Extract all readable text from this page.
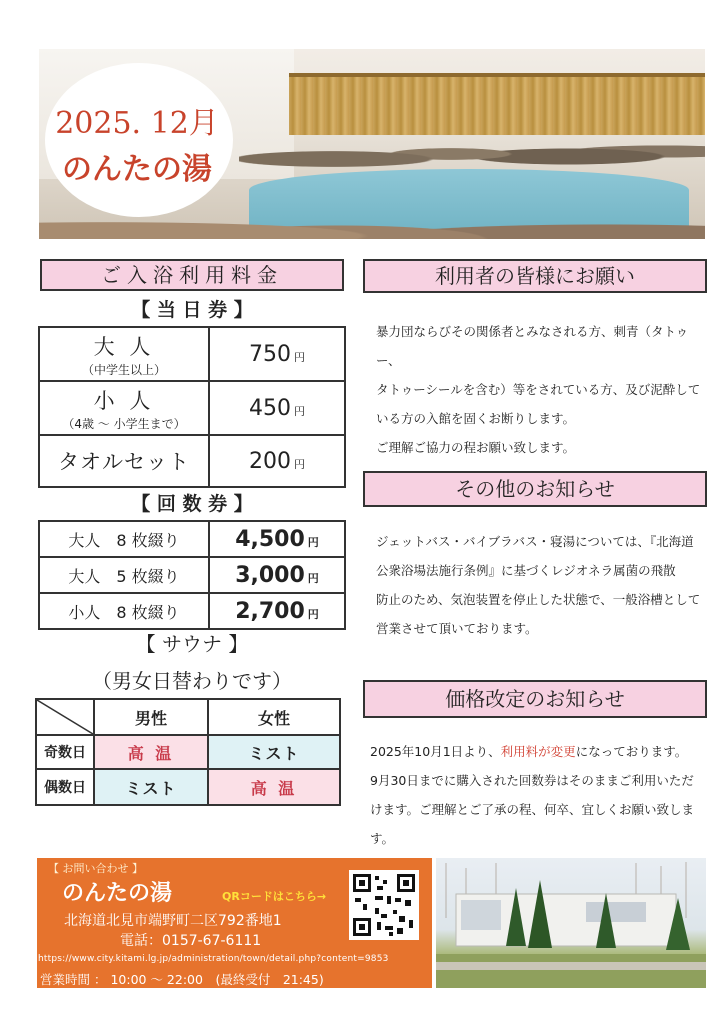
2025. 12月
のんたの湯
ご入浴利用料金
【 当 日 券 】
大 人
（中学生以上）	750 円

小 人
（4歳 ～ 小学生まで）	450 円

タオルセット	200 円
【 回 数 券 】
大人　8 枚綴り	4,500 円
大人　5 枚綴り	3,000 円
小人　8 枚綴り	2,700 円
【 サウナ 】
（男女日替わりです）
	男性	女性
奇数日	高 温	ミスト
偶数日	ミスト	高 温
利用者の皆様にお願い
暴力団ならびその関係者とみなされる方、刺青（タトゥー、
タトゥーシールを含む）等をされている方、及び泥酔して
いる方の入館を固くお断りします。
ご理解ご協力の程お願い致します。
その他のお知らせ
ジェットバス・バイブラバス・寝湯については、『北海道
公衆浴場法施行条例』に基づくレジオネラ属菌の飛散
防止のため、気泡装置を停止した状態で、一般浴槽として
営業させて頂いております。
価格改定のお知らせ
2025年10月1日より、利用料が変更になっております。
9月30日までに購入された回数券はそのままご利用いただ
けます。ご理解とご了承の程、何卒、宜しくお願い致します。
【 お問い合わせ 】
のんたの湯	QRコードはこちら→
北海道北見市端野町二区792番地1
電話：0157-67-6111
https://www.city.kitami.lg.jp/administration/town/detail.php?content=9853
営業時間 ： 10:00 ～ 22:00　(最終受付　21:45)
